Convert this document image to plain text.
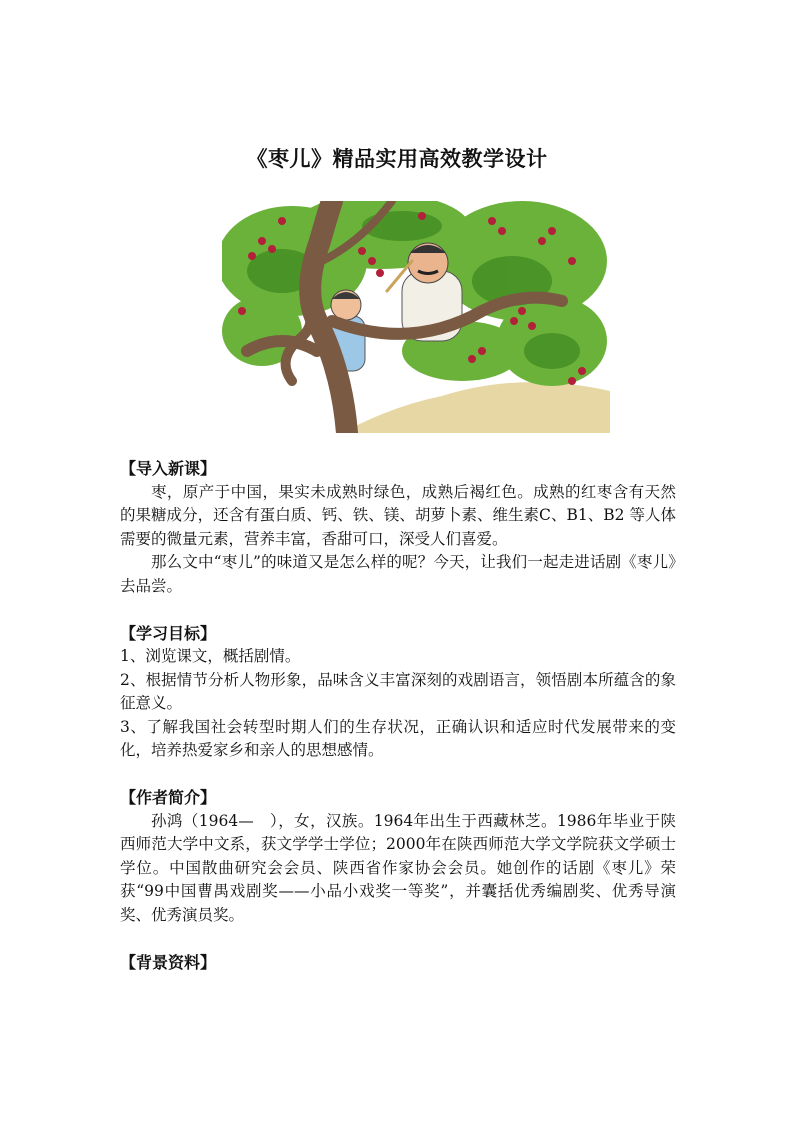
《枣儿》精品实用高效教学设计

【导入新课】

枣，原产于中国，果实未成熟时绿色，成熟后褐红色。成熟的红枣含有天然的果糖成分，还含有蛋白质、钙、铁、镁、胡萝卜素、维生素C、B1、B2 等人体需要的微量元素，营养丰富，香甜可口，深受人们喜爱。

那么文中“枣儿”的味道又是怎么样的呢？今天，让我们一起走进话剧《枣儿》去品尝。

【学习目标】

1、浏览课文，概括剧情。

2、根据情节分析人物形象，品味含义丰富深刻的戏剧语言，领悟剧本所蕴含的象征意义。

3、了解我国社会转型时期人们的生存状况，正确认识和适应时代发展带来的变化，培养热爱家乡和亲人的思想感情。

【作者简介】

孙鸿（1964—　），女，汉族。1964年出生于西藏林芝。1986年毕业于陕西师范大学中文系，获文学学士学位；2000年在陕西师范大学文学院获文学硕士学位。中国散曲研究会会员、陕西省作家协会会员。她创作的话剧《枣儿》荣获“99中国曹禺戏剧奖——小品小戏奖一等奖”，并囊括优秀编剧奖、优秀导演奖、优秀演员奖。

【背景资料】
